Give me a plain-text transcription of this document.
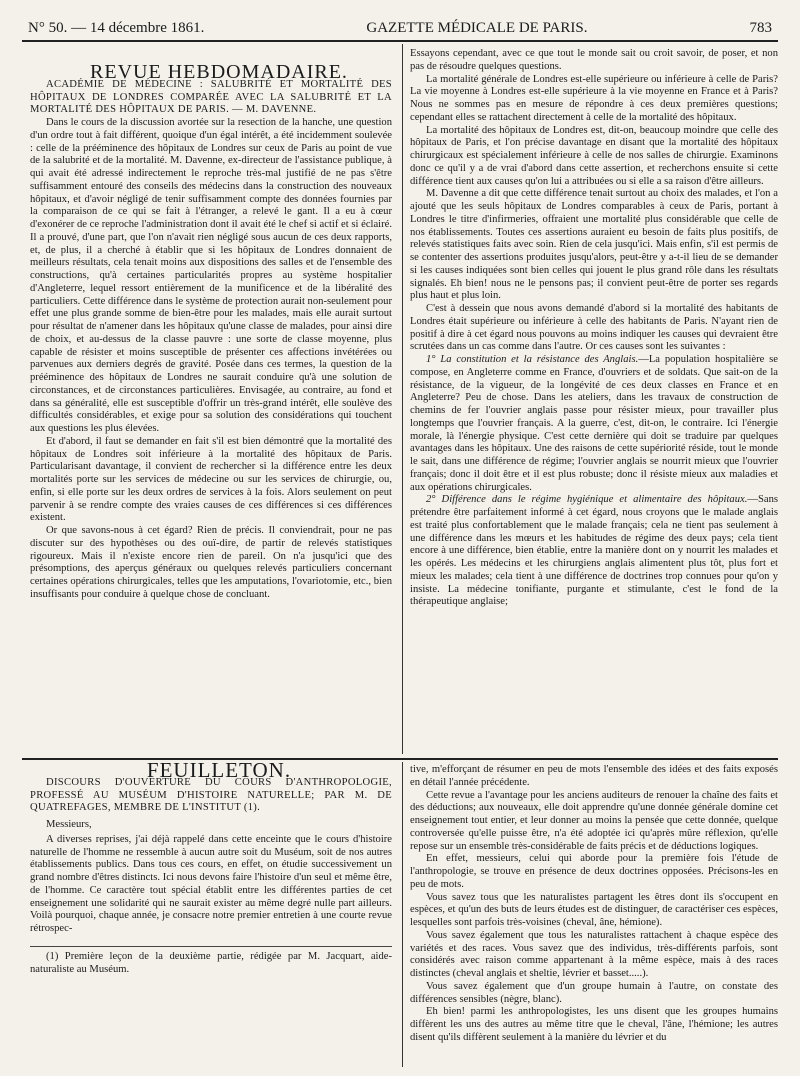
N° 50. — 14 décembre 1861.	GAZETTE MÉDICALE DE PARIS.	783

REVUE HEBDOMADAIRE.

ACADÉMIE DE MÉDECINE : SALUBRITÉ ET MORTALITÉ DES HÔPITAUX DE LONDRES COMPARÉE AVEC LA SALUBRITÉ ET LA MORTALITÉ DES HÔPITAUX DE PARIS. — M. DAVENNE.

Dans le cours de la discussion avortée sur la resection de la hanche, une question d'un ordre tout à fait différent, quoique d'un égal intérêt, a été incidemment soulevée : celle de la prééminence des hôpitaux de Londres sur ceux de Paris au point de vue de la salubrité et de la mortalité. M. Davenne, ex-directeur de l'assistance publique, à qui avait été adressé indirectement le reproche très-mal justifié de ne pas s'être suffisamment entouré des conseils des médecins dans la construction des nouveaux hôpitaux, et d'avoir négligé de tenir suffisamment compte des données fournies par la comparaison de ce qui se fait à l'étranger, a relevé le gant. Il a eu à cœur d'exonérer de ce reproche l'administration dont il avait été le chef si actif et si éclairé. Il a prouvé, d'une part, que l'on n'avait rien négligé sous aucun de ces deux rapports, et, de plus, il a cherché à établir que si les hôpitaux de Londres donnaient de meilleurs résultats, cela tenait moins aux dispositions des salles et de l'ensemble des constructions, qu'à certaines particularités propres au système hospitalier d'Angleterre, lequel ressort entièrement de la munificence et de la libéralité des particuliers. Cette différence dans le système de protection aurait non-seulement pour effet une plus grande somme de bien-être pour les malades, mais elle aurait surtout pour résultat de n'amener dans les hôpitaux qu'une classe de malades, pour ainsi dire de choix, et au-dessus de la classe pauvre : une sorte de classe moyenne, plus capable de résister et moins susceptible de présenter ces affections invétérées ou parvenues aux derniers degrés de gravité. Posée dans ces termes, la question de la prééminence des hôpitaux de Londres ne saurait conduire qu'à une solution de circonstances, et de circonstances particulières. Envisagée, au contraire, au fond et dans sa généralité, elle est susceptible d'offrir un très-grand intérêt, elle soulève des difficultés considérables, et exige pour sa solution des considérations qui touchent aux questions les plus élevées.

Et d'abord, il faut se demander en fait s'il est bien démontré que la mortalité des hôpitaux de Londres soit inférieure à la mortalité des hôpitaux de Paris. Particularisant davantage, il convient de rechercher si la différence entre les deux mortalités porte sur les services de médecine ou sur les services de chirurgie, ou, enfin, si elle porte sur les deux ordres de services à la fois. Alors seulement on peut parvenir à se rendre compte des vraies causes de ces différences si ces différences existent.

Or que savons-nous à cet égard? Rien de précis. Il conviendrait, pour ne pas discuter sur des hypothèses ou des ouï-dire, de partir de relevés statistiques rigoureux. Mais il n'existe encore rien de pareil. On n'a jusqu'ici que des présomptions, des aperçus généraux ou quelques relevés particuliers concernant certaines opérations chirurgicales, telles que les amputations, l'ovariotomie, etc., bien insuffisants pour conduire à quelque chose de concluant.

Essayons cependant, avec ce que tout le monde sait ou croit savoir, de poser, et non pas de résoudre quelques questions.

La mortalité générale de Londres est-elle supérieure ou inférieure à celle de Paris? La vie moyenne à Londres est-elle supérieure à la vie moyenne en France et à Paris? Nous ne sommes pas en mesure de répondre à ces deux premières questions; cependant elles se rattachent directement à celle de la mortalité des hôpitaux.

La mortalité des hôpitaux de Londres est, dit-on, beaucoup moindre que celle des hôpitaux de Paris, et l'on précise davantage en disant que la mortalité des hôpitaux chirurgicaux est spécialement inférieure à celle de nos salles de chirurgie. Examinons donc ce qu'il y a de vrai d'abord dans cette assertion, et recherchons ensuite si cette différence tient aux causes qu'on lui a attribuées ou si elle a sa raison d'être ailleurs.

M. Davenne a dit que cette différence tenait surtout au choix des malades, et l'on a ajouté que les seuls hôpitaux de Londres comparables à ceux de Paris, portant à Londres le titre d'infirmeries, offraient une mortalité plus considérable que celle de nos établissements. Toutes ces assertions auraient eu besoin de faits plus positifs, de relevés statistiques faits avec soin. Rien de cela jusqu'ici. Mais enfin, s'il est permis de se contenter des assertions produites jusqu'alors, peut-être y a-t-il lieu de se demander si les causes indiquées sont bien celles qui jouent le plus grand rôle dans les résultats signalés. Eh bien! nous ne le pensons pas; il convient peut-être de porter ses regards plus haut et plus loin.

C'est à dessein que nous avons demandé d'abord si la mortalité des habitants de Londres était supérieure ou inférieure à celle des habitants de Paris. N'ayant rien de positif à dire à cet égard nous pouvons au moins indiquer les causes qui devraient être scrutées dans un cas comme dans l'autre. Or ces causes sont les suivantes :

1° La constitution et la résistance des Anglais.—La population hospitalière se compose, en Angleterre comme en France, d'ouvriers et de soldats. Que sait-on de la résistance, de la vigueur, de la longévité de ces deux classes en France et en Angleterre? Peu de chose. Dans les ateliers, dans les travaux de construction de chemins de fer l'ouvrier anglais passe pour résister mieux, pour travailler plus longtemps que l'ouvrier français. A la guerre, c'est, dit-on, le contraire. Ici l'énergie morale, là l'énergie physique. C'est cette dernière qui doit se traduire par quelques avantages dans les hôpitaux. Une des raisons de cette supériorité réside, tout le monde le sait, dans une différence de régime; l'ouvrier anglais se nourrit mieux que l'ouvrier français; donc il doit être et il est plus robuste; donc il résiste mieux aux maladies et aux opérations chirurgicales.

2° Différence dans le régime hygiénique et alimentaire des hôpitaux.—Sans prétendre être parfaitement informé à cet égard, nous croyons que le malade anglais est traité plus confortablement que le malade français; cela ne tient pas seulement à une différence dans les mœurs et les habitudes de régime des deux pays; cela tient encore à une différence, bien établie, entre la manière dont on y nourrit les malades et les opérés. Les médecins et les chirurgiens anglais alimentent plus tôt, plus fort et mieux les malades; cela tient à une différence de doctrines trop connues pour qu'on y insiste. La médecine tonifiante, purgante et stimulante, c'est le fond de la thérapeutique anglaise;

FEUILLETON.

DISCOURS D'OUVERTURE DU COURS D'ANTHROPOLOGIE, PROFESSÉ AU MUSÉUM D'HISTOIRE NATURELLE; PAR M. DE QUATREFAGES, MEMBRE DE L'INSTITUT (1).

Messieurs,

A diverses reprises, j'ai déjà rappelé dans cette enceinte que le cours d'histoire naturelle de l'homme ne ressemble à aucun autre soit du Muséum, soit de nos autres établissements publics. Dans tous ces cours, en effet, on étudie successivement un grand nombre d'êtres distincts. Ici nous devons faire l'histoire d'un seul et même être, de l'homme. Ce caractère tout spécial établit entre les différentes parties de cet enseignement une solidarité qui ne saurait exister au même degré nulle part ailleurs. Voilà pourquoi, chaque année, je consacre notre premier entretien à une courte revue rétrospec-

(1) Première leçon de la deuxième partie, rédigée par M. Jacquart, aide-naturaliste au Muséum.

tive, m'efforçant de résumer en peu de mots l'ensemble des idées et des faits exposés en détail l'année précédente.

Cette revue a l'avantage pour les anciens auditeurs de renouer la chaîne des faits et des déductions; aux nouveaux, elle doit apprendre qu'une donnée générale domine cet enseignement tout entier, et leur donner au moins la pensée que cette donnée, quelque controversée qu'elle puisse être, n'a été adoptée ici qu'après mûre réflexion, qu'elle repose sur un ensemble très-considérable de faits précis et de déductions logiques.

En effet, messieurs, celui qui aborde pour la première fois l'étude de l'anthropologie, se trouve en présence de deux doctrines opposées. Précisons-les en peu de mots.

Vous savez tous que les naturalistes partagent les êtres dont ils s'occupent en espèces, et qu'un des buts de leurs études est de distinguer, de caractériser ces espèces, lesquelles sont parfois très-voisines (cheval, âne, hémione).

Vous savez également que tous les naturalistes rattachent à chaque espèce des variétés et des races. Vous savez que des individus, très-différents parfois, sont considérés avec raison comme appartenant à la même espèce, mais à des races distinctes (cheval anglais et sheltie, lévrier et basset.....).

Vous savez également que d'un groupe humain à l'autre, on constate des différences sensibles (nègre, blanc).

Eh bien! parmi les anthropologistes, les uns disent que les groupes humains diffèrent les uns des autres au même titre que le cheval, l'âne, l'hémione; les autres disent qu'ils diffèrent seulement à la manière du lévrier et du
